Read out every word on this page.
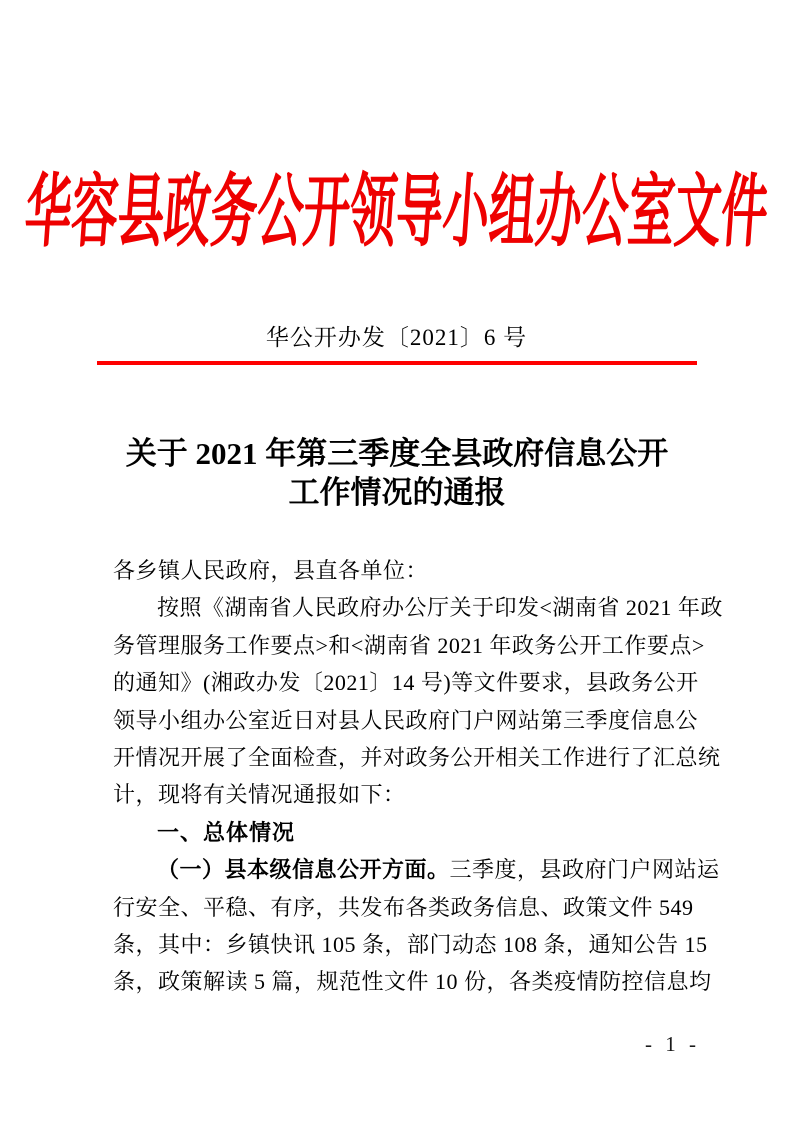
华容县政务公开领导小组办公室文件
华公开办发〔2021〕6 号
关于 2021 年第三季度全县政府信息公开
工作情况的通报
各乡镇人民政府，县直各单位：
按照《湖南省人民政府办公厅关于印发<湖南省 2021 年政
务管理服务工作要点>和<湖南省 2021 年政务公开工作要点>
的通知》(湘政办发〔2021〕14 号)等文件要求，县政务公开
领导小组办公室近日对县人民政府门户网站第三季度信息公
开情况开展了全面检查，并对政务公开相关工作进行了汇总统
计，现将有关情况通报如下：
一、总体情况
（一）县本级信息公开方面。三季度，县政府门户网站运
行安全、平稳、有序，共发布各类政务信息、政策文件 549
条，其中：乡镇快讯 105 条，部门动态 108 条，通知公告 15
条，政策解读 5 篇，规范性文件 10 份，各类疫情防控信息均
- 1 -
